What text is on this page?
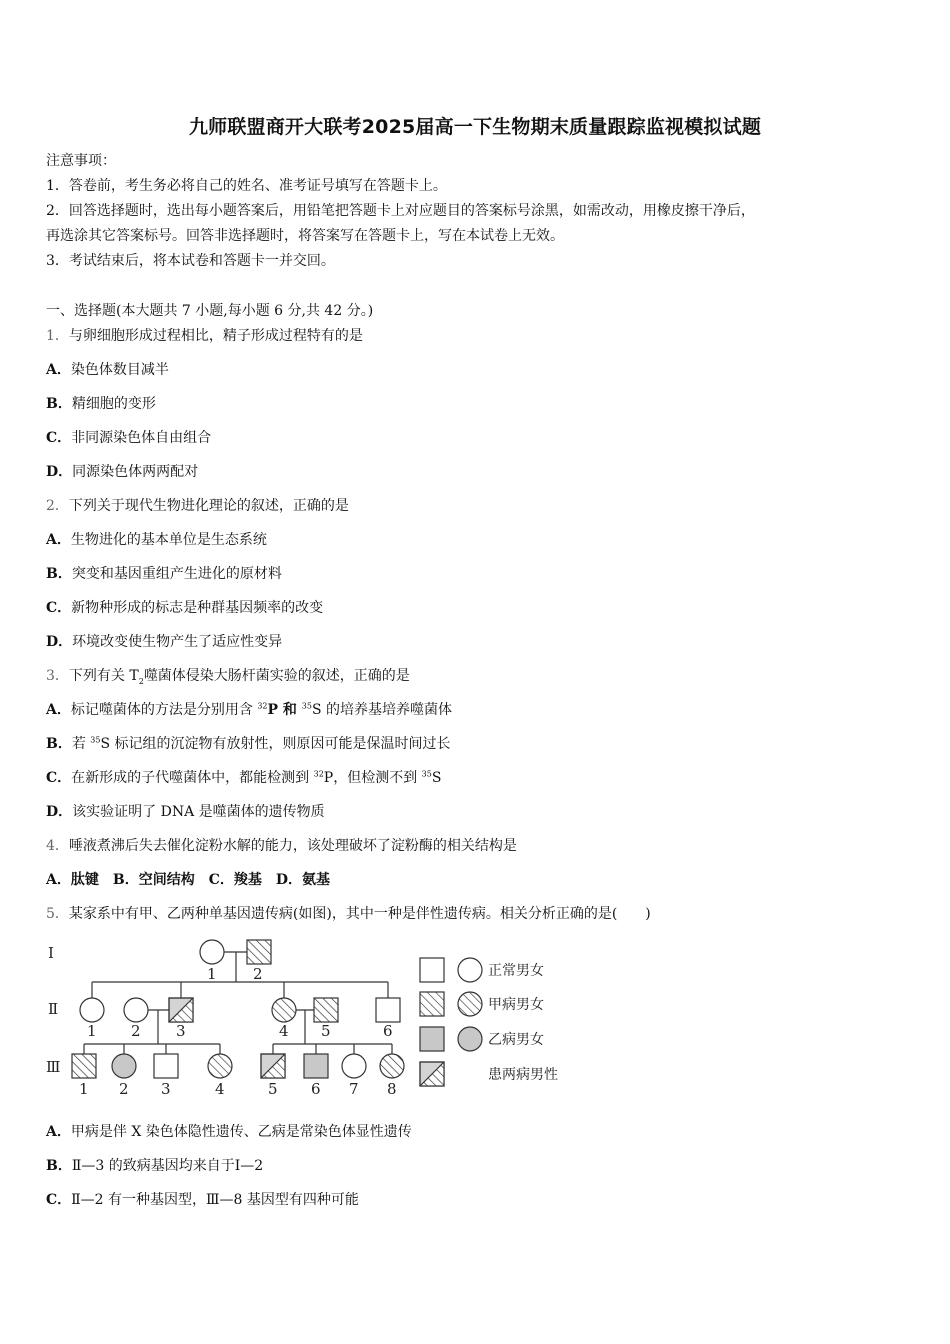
九师联盟商开大联考2025届高一下生物期末质量跟踪监视模拟试题
注意事项：
1．答卷前，考生务必将自己的姓名、准考证号填写在答题卡上。
2．回答选择题时，选出每小题答案后，用铅笔把答题卡上对应题目的答案标号涂黑，如需改动，用橡皮擦干净后，
再选涂其它答案标号。回答非选择题时，将答案写在答题卡上，写在本试卷上无效。
3．考试结束后，将本试卷和答题卡一并交回。
一、选择题(本大题共 7 小题,每小题 6 分,共 42 分。)
1．与卵细胞形成过程相比，精子形成过程特有的是
A．染色体数目减半
B．精细胞的变形
C．非同源染色体自由组合
D．同源染色体两两配对
2．下列关于现代生物进化理论的叙述，正确的是
A．生物进化的基本单位是生态系统
B．突变和基因重组产生进化的原材料
C．新物种形成的标志是种群基因频率的改变
D．环境改变使生物产生了适应性变异
3．下列有关 $T_2$噬菌体侵染大肠杆菌实验的叙述，正确的是
A．标记噬菌体的方法是分别用含 $^{32}$P 和 $^{35}$S 的培养基培养噬菌体
B．若 $^{35}$S 标记组的沉淀物有放射性，则原因可能是保温时间过长
C．在新形成的子代噬菌体中，都能检测到 $^{32}$P，但检测不到 $^{35}$S
D．该实验证明了 DNA 是噬菌体的遗传物质
4．唾液煮沸后失去催化淀粉水解的能力，该处理破坏了淀粉酶的相关结构是
A．肽键　B．空间结构　C．羧基　D．氨基
5．某家系中有甲、乙两种单基因遗传病(如图)，其中一种是伴性遗传病。相关分析正确的是(　　)
Ⅰ
Ⅱ
Ⅲ
1 2
1 2 3	4 5	6
1 2 3	4	5 6 7 8
正常男女
甲病男女
乙病男女
患两病男性
A．甲病是伴 X 染色体隐性遗传、乙病是常染色体显性遗传
B．Ⅱ—3 的致病基因均来自于Ⅰ—2
C．Ⅱ—2 有一种基因型，Ⅲ—8 基因型有四种可能
